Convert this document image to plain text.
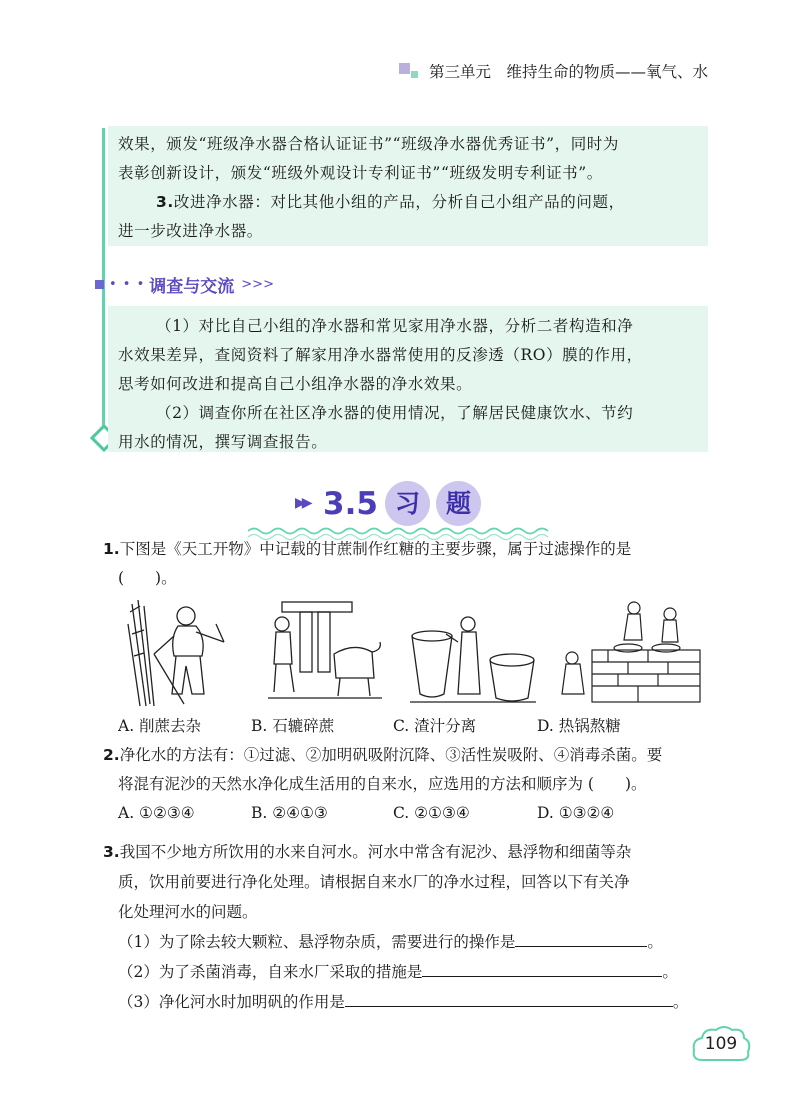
第三单元　维持生命的物质——氧气、水

效果，颁发“班级净水器合格认证证书”“班级净水器优秀证书”，同时为

表彰创新设计，颁发“班级外观设计专利证书”“班级发明专利证书”。

3.改进净水器：对比其他小组的产品，分析自己小组产品的问题，

进一步改进净水器。

• • • 调查与交流 >>>

（1）对比自己小组的净水器和常见家用净水器，分析二者构造和净

水效果差异，查阅资料了解家用净水器常使用的反渗透（RO）膜的作用，

思考如何改进和提高自己小组净水器的净水效果。

（2）调查你所在社区净水器的使用情况，了解居民健康饮水、节约

用水的情况，撰写调查报告。

▶▶ 3.5 习	题

1.下图是《天工开物》中记载的甘蔗制作红糖的主要步骤，属于过滤操作的是

(　　)。

A. 削蔗去杂	B. 石辘碎蔗	C. 渣汁分离	D. 热锅熬糖

2.净化水的方法有：①过滤、②加明矾吸附沉降、③活性炭吸附、④消毒杀菌。要

将混有泥沙的天然水净化成生活用的自来水，应选用的方法和顺序为 (　　)。

A. ①②③④	B. ②④①③	C. ②①③④	D. ①③②④

3.我国不少地方所饮用的水来自河水。河水中常含有泥沙、悬浮物和细菌等杂

质，饮用前要进行净化处理。请根据自来水厂的净水过程，回答以下有关净

化处理河水的问题。

（1）为了除去较大颗粒、悬浮物杂质，需要进行的操作是	。

（2）为了杀菌消毒，自来水厂采取的措施是	。

（3）净化河水时加明矾的作用是	。

109
